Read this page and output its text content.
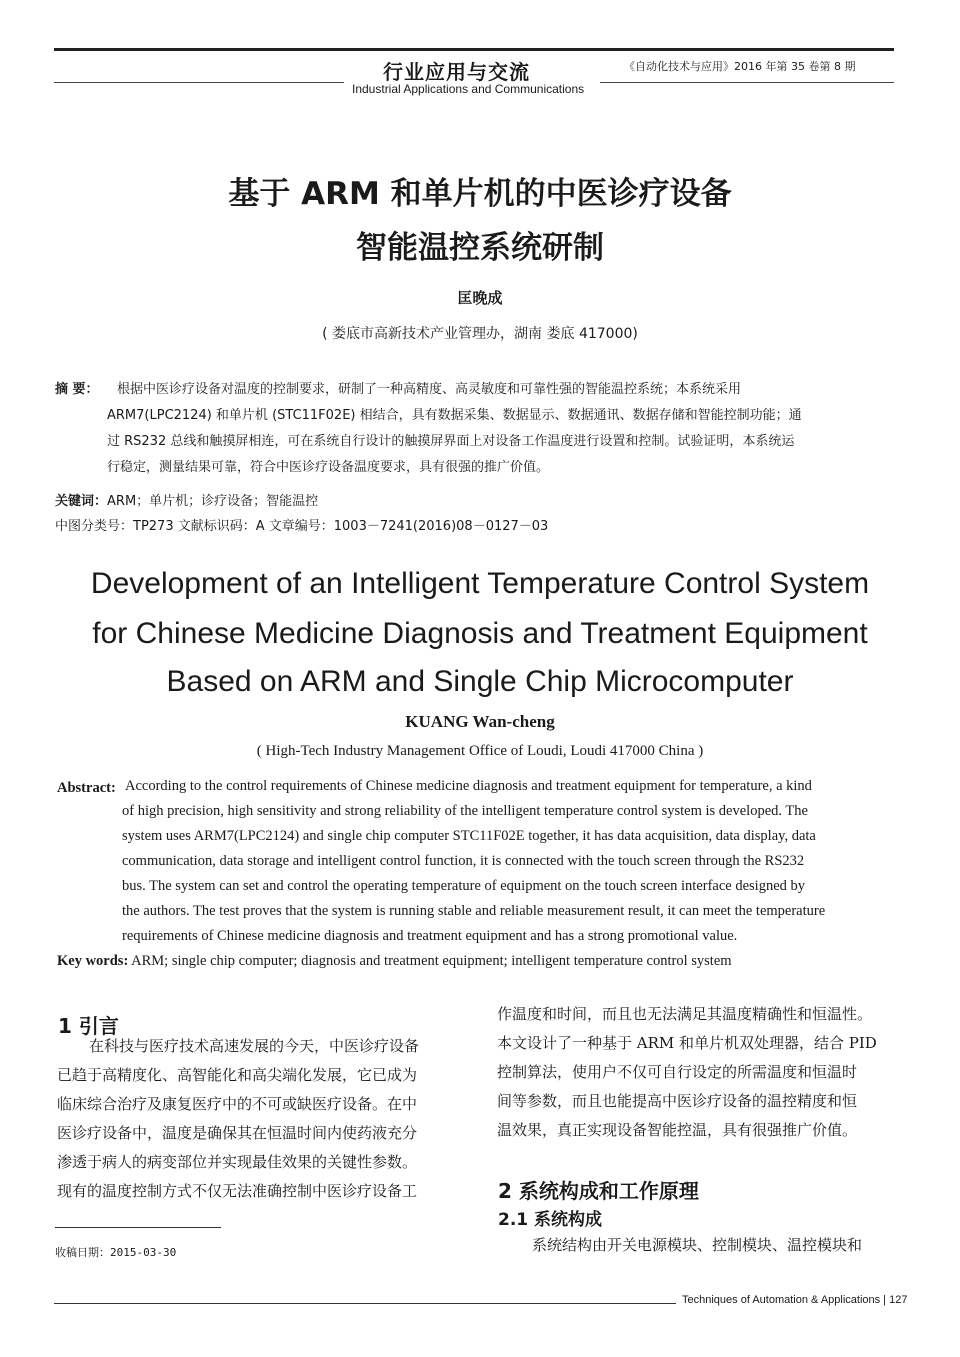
行业应用与交流
Industrial Applications and Communications
《自动化技术与应用》2016 年第 35 卷第 8 期
基于 ARM 和单片机的中医诊疗设备
智能温控系统研制
匡晚成
( 娄底市高新技术产业管理办，湖南 娄底 417000)
摘 要： 根据中医诊疗设备对温度的控制要求，研制了一种高精度、高灵敏度和可靠性强的智能温控系统；本系统采用
ARM7(LPC2124) 和单片机 (STC11F02E) 相结合，具有数据采集、数据显示、数据通讯、数据存储和智能控制功能；通
过 RS232 总线和触摸屏相连，可在系统自行设计的触摸屏界面上对设备工作温度进行设置和控制。试验证明，本系统运
行稳定，测量结果可靠，符合中医诊疗设备温度要求，具有很强的推广价值。
关键词：ARM；单片机；诊疗设备；智能温控
中图分类号：TP273 文献标识码：A 文章编号：1003－7241(2016)08－0127－03
Development of an Intelligent Temperature Control System
for Chinese Medicine Diagnosis and Treatment Equipment
Based on ARM and Single Chip Microcomputer
KUANG Wan-cheng
( High-Tech Industry Management Office of Loudi, Loudi 417000 China )
Abstract: According to the control requirements of Chinese medicine diagnosis and treatment equipment for temperature, a kind
of high precision, high sensitivity and strong reliability of the intelligent temperature control system is developed. The
system uses ARM7(LPC2124) and single chip computer STC11F02E together, it has data acquisition, data display, data
communication, data storage and intelligent control function, it is connected with the touch screen through the RS232
bus. The system can set and control the operating temperature of equipment on the touch screen interface designed by
the authors. The test proves that the system is running stable and reliable measurement result, it can meet the temperature
requirements of Chinese medicine diagnosis and treatment equipment and has a strong promotional value.
Key words: ARM; single chip computer; diagnosis and treatment equipment; intelligent temperature control system
1 引言
在科技与医疗技术高速发展的今天，中医诊疗设备
已趋于高精度化、高智能化和高尖端化发展，它已成为
临床综合治疗及康复医疗中的不可或缺医疗设备。在中
医诊疗设备中，温度是确保其在恒温时间内使药液充分
渗透于病人的病变部位并实现最佳效果的关键性参数。
现有的温度控制方式不仅无法准确控制中医诊疗设备工
收稿日期：2015-03-30
作温度和时间，而且也无法满足其温度精确性和恒温性。
本文设计了一种基于 ARM 和单片机双处理器，结合 PID
控制算法，使用户不仅可自行设定的所需温度和恒温时
间等参数，而且也能提高中医诊疗设备的温控精度和恒
温效果，真正实现设备智能控温，具有很强推广价值。
2 系统构成和工作原理
2.1 系统构成
系统结构由开关电源模块、控制模块、温控模块和
Techniques of Automation & Applications | 127
